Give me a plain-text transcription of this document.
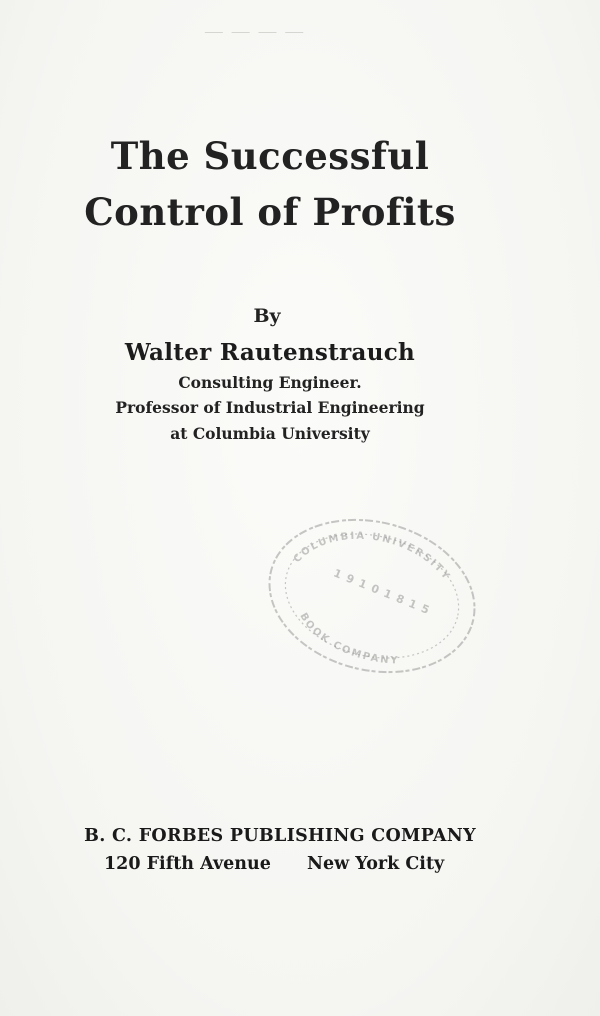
— — — —
The Successful
Control of Profits
By
Walter Rautenstrauch
Consulting Engineer.
Professor of Industrial Engineering
at Columbia University
COLUMBIA UNIVERSITY
1 9 1 0 1 8 1 5
BOOK COMPANY
B. C. FORBES PUBLISHING COMPANY
120 Fifth Avenue New York City
